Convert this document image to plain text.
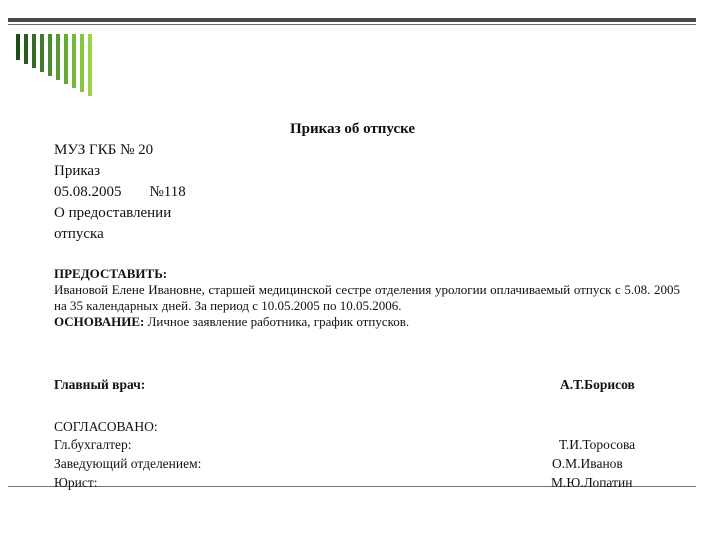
Приказ об отпуске
МУЗ ГКБ № 20
Приказ
05.08.2005 №118
О предоставлении
отпуска
ПРЕДОСТАВИТЬ:
Ивановой Елене Ивановне, старшей медицинской сестре отделения урологии оплачиваемый отпуск с 5.08. 2005 на 35 календарных дней. За период с 10.05.2005 по 10.05.2006.
ОСНОВАНИЕ: Личное заявление работника, график отпусков.
Главный врач:	А.Т.Борисов
СОГЛАСОВАНО:
Гл.бухгалтер:	Т.И.Торосова
Заведующий отделением:	О.М.Иванов
Юрист:	М.Ю.Лопатин
